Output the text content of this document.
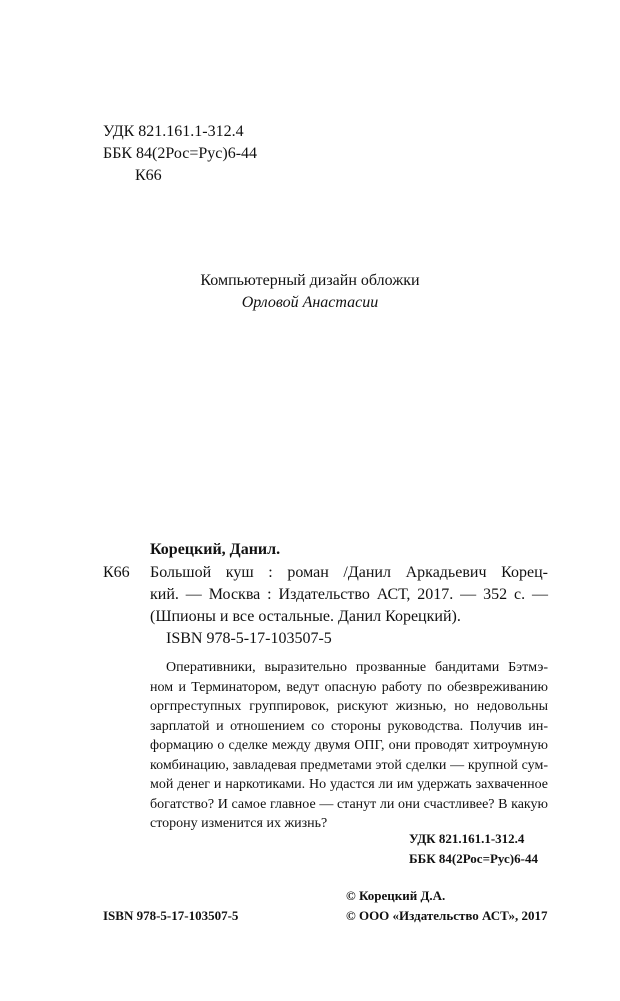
УДК 821.161.1-312.4
ББК 84(2Рос=Рус)6-44
К66
Компьютерный дизайн обложки
Орловой Анастасии
Корецкий, Данил.
К66 Большой куш : роман /Данил Аркадьевич Корец-
кий. — Москва : Издательство АСТ, 2017. — 352 с. —
(Шпионы и все остальные. Данил Корецкий).
ISBN 978-5-17-103507-5
Оперативники, выразительно прозванные бандитами Бэтмэ-
ном и Терминатором, ведут опасную работу по обезвреживанию
оргпреступных группировок, рискуют жизнью, но недовольны
зарплатой и отношением со стороны руководства. Получив ин-
формацию о сделке между двумя ОПГ, они проводят хитроумную
комбинацию, завладевая предметами этой сделки — крупной сум-
мой денег и наркотиками. Но удастся ли им удержать захваченное
богатство? И самое главное — станут ли они счастливее? В какую
сторону изменится их жизнь?
УДК 821.161.1-312.4
ББК 84(2Рос=Рус)6-44
© Корецкий Д.А.
ISBN 978-5-17-103507-5	© ООО «Издательство АСТ», 2017
